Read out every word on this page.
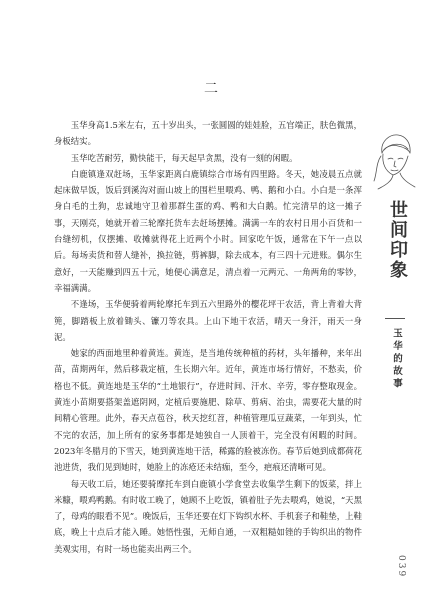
二

玉华身高1.5米左右，五十岁出头，一张圆圆的娃娃脸，五官端正，肤色微黑，身板结实。

玉华吃苦耐劳，勤快能干，每天起早贪黑，没有一刻的闲暇。

白鹿镇逢双赶场，玉华家距离白鹿镇综合市场有四里路。冬天，她凌晨五点就起床做早饭，饭后到溪沟对面山坡上的围栏里喂鸡、鸭、鹅和小白。小白是一条浑身白毛的土狗，忠诚地守卫着那群生蛋的鸡、鸭和大白鹅。忙完清早的这一摊子事，天刚亮，她就开着三轮摩托货车去赶场摆摊。满满一车的农村日用小百货和一台缝纫机，仅摆摊、收摊就得花上近两个小时。回家吃午饭，通常在下午一点以后。每场卖货和替人缝补，换拉链，剪裤脚，除去成本，有三四十元进账。偶尔生意好，一天能赚到四五十元，她便心满意足，清点着一元两元、一角两角的零钞，幸福满满。

不逢场，玉华便骑着两轮摩托车到五六里路外的樱花坪干农活，背上背着大背篼，脚踏板上放着锄头、镰刀等农具。上山下地干农活，晴天一身汗，雨天一身泥。

她家的西面地里种着黄连。黄连，是当地传统种植的药材，头年播种，来年出苗，苗期两年，然后移栽定植，生长期六年。近年，黄连市场行情好，不愁卖，价格也不低。黄连地是玉华的“土地银行”，存进时间、汗水、辛劳，零存整取现金。黄连小苗期要搭架盖遮阴网，定植后要施肥、除草、剪病、治虫，需要花大量的时间精心管理。此外，春天点苞谷，秋天挖红苕，种植管理瓜豆蔬菜，一年到头，忙不完的农活，加上所有的家务事都是她独自一人顶着干，完全没有闲暇的时间。2023年冬腊月的下雪天，她到黄连地干活，稀露的脸被冻伤。春节后她到成都荷花池进货，我们见到她时，她脸上的冻疮还未结痂，至今，疤痕还清晰可见。

每天收工后，她还要骑摩托车到白鹿镇小学食堂去收集学生剩下的饭菜，拌上米糠，喂鸡鸭鹅。有时收工晚了，她顾不上吃饭，镇着肚子先去喂鸡，她说，“天黑了，母鸡的眼看不见”。晚饭后，玉华还要在灯下钩织水杯、手机套子和鞋垫，上鞋底，晚上十点后才能入睡。她悟性强，无师自通，一双粗糙如锉的手钩织出的物件美观实用，有时一场也能卖出两三个。

世间印象
玉华的故事
039
